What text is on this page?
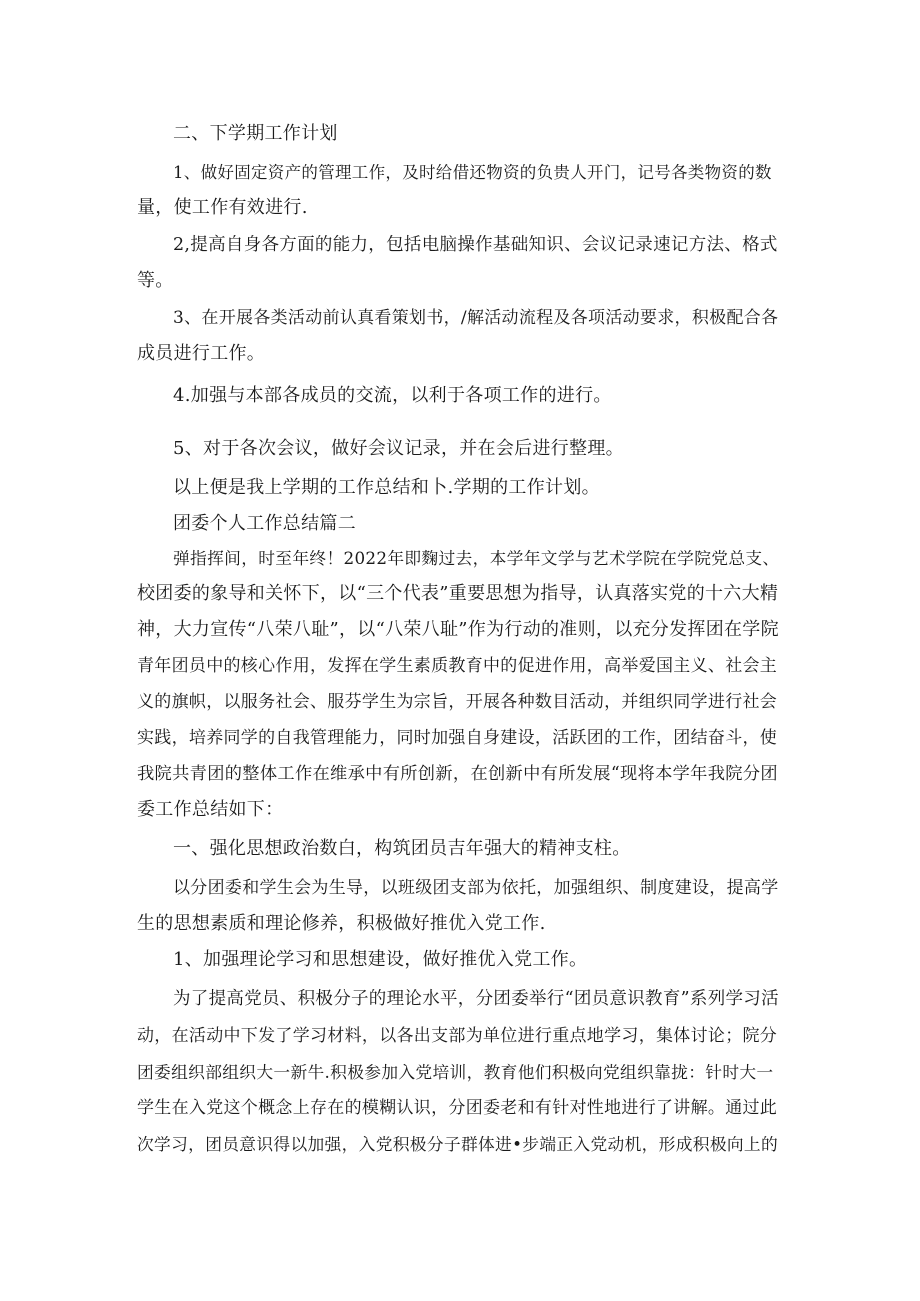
二、下学期工作计划
1、做好固定资产的管理工作，及时给借还物资的负贵人开门，记号各类物资的数
量，使工作有效进行.
2,提高自身各方面的能力，包括电脑操作基础知识、会议记录速记方法、格式
等。
3、在开展各类活动前认真看策划书，/解活动流程及各项活动要求，积极配合各
成员进行工作。
4.加强与本部各成员的交流，以利于各项工作的进行。
5、对于各次会议，做好会议记录，并在会后进行整理。
以上便是我上学期的工作总结和卜.学期的工作计划。
团委个人工作总结篇二
弹指挥间，时至年终！2022年即麴过去，本学年文学与艺术学院在学院党总支、
校团委的象导和关怀下，以“三个代表”重要思想为指导，认真落实党的十六大精
神，大力宣传“八荣八耻”，以“八荣八耻”作为行动的准则，以充分发挥团在学院
青年团员中的核心作用，发挥在学生素质教育中的促进作用，高举爱国主义、社会主
义的旗帜，以服务社会、服芬学生为宗旨，开展各种数目活动，并组织同学进行社会
实践，培养同学的自我管理能力，同时加强自身建设，活跃团的工作，团结奋斗，使
我院共青团的整体工作在维承中有所创新，在创新中有所发展“现将本学年我院分团
委工作总结如下：
一、强化思想政治数白，构筑团员吉年强大的精神支柱。
以分团委和学生会为生导，以班级团支部为依托，加强组织、制度建设，提高学
生的思想素质和理论修养，积极做好推优入党工作.
1、加强理论学习和思想建设，做好推优入党工作。
为了提高党员、积极分子的理论水平，分团委举行“团员意识教育”系列学习活
动，在活动中下发了学习材料，以各出支部为单位进行重点地学习，集体讨论；院分
团委组织部组织大一新牛.积极参加入党培训，教育他们积极向党组织靠拢：针时大一
学生在入党这个概念上存在的模糊认识，分团委老和有针对性地进行了讲解。通过此
次学习，团员意识得以加强，入党积极分子群体进•步端正入党动机，形成积极向上的
